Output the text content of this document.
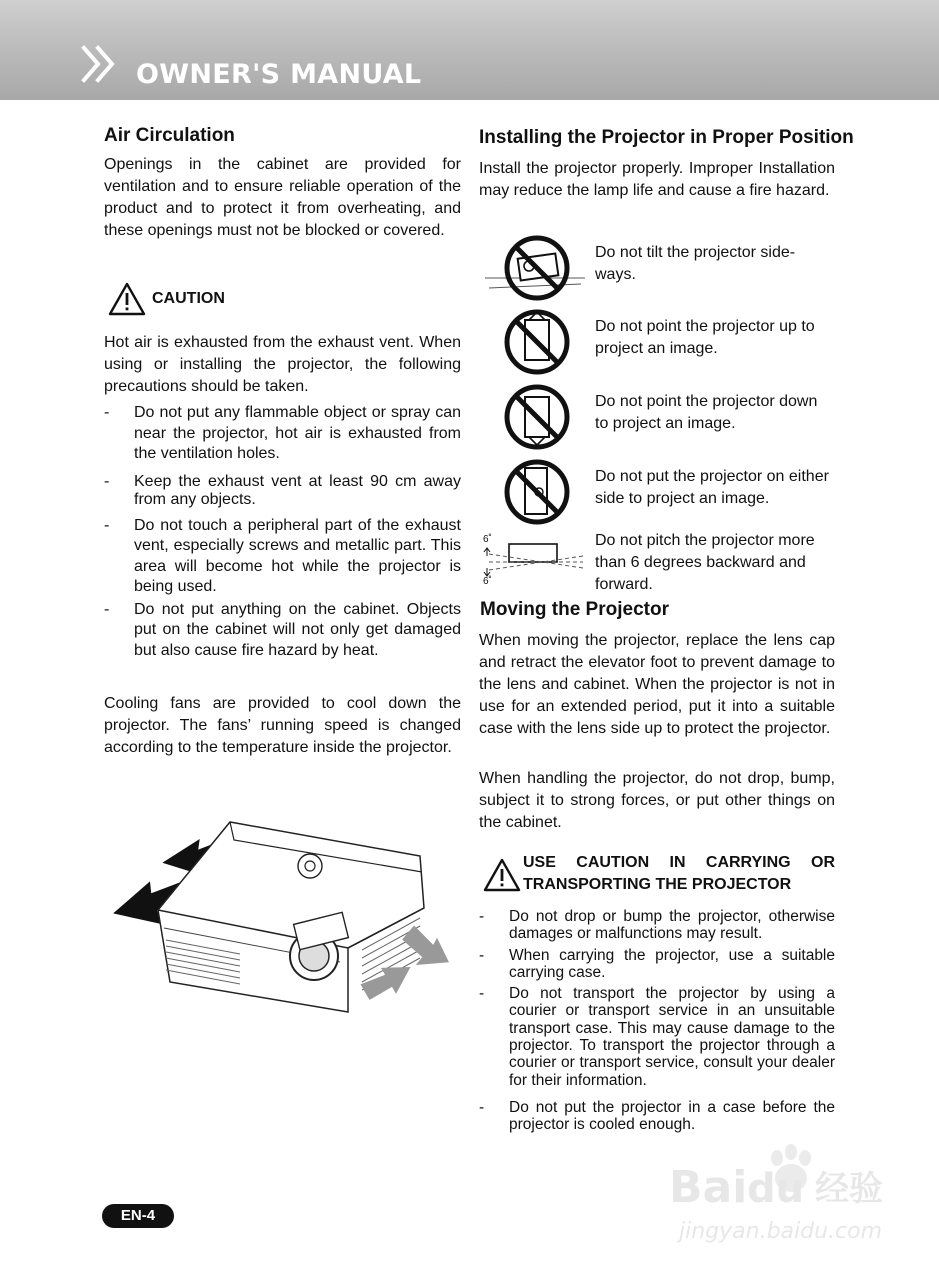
OWNER'S MANUAL
Air Circulation

Openings in the cabinet are provided for ventilation and to ensure reliable operation of the product and to protect it from overheating, and these openings must not be blocked or covered.

CAUTION

Hot air is exhausted from the exhaust vent. When using or installing the projector, the following precautions should be taken.

- Do not put any flammable object or spray can near the projector, hot air is exhausted from the ventilation holes.
- Keep the exhaust vent at least 90 cm away from any objects.
- Do not touch a peripheral part of the exhaust vent, especially screws and metallic part. This area will become hot while the projector is being used.
- Do not put anything on the cabinet. Objects put on the cabinet will not only get damaged but also cause fire hazard by heat.

Cooling fans are provided to cool down the projector. The fans’ running speed is changed according to the temperature inside the projector.

Installing the Projector in Proper Position

Install the projector properly. Improper Installation may reduce the lamp life and cause a fire hazard.

Do not tilt the projector side-ways.
Do not point the projector up to project an image.
Do not point the projector down to project an image.
Do not put the projector on either side to project an image.
6˚
6˚
Do not pitch the projector more than 6 degrees backward and forward.
Moving the Projector

When moving the projector, replace the lens cap and retract the elevator foot to prevent damage to the lens and cabinet. When the projector is not in use for an extended period, put it into a suitable case with the lens side up to protect the projector.

When handling the projector, do not drop, bump, subject it to strong forces, or put other things on the cabinet.

USE CAUTION IN CARRYING OR
TRANSPORTING THE PROJECTOR
- Do not drop or bump the projector, otherwise damages or malfunctions may result.
- When carrying the projector, use a suitable carrying case.
- Do not transport the projector by using a courier or transport service in an unsuitable transport case. This may cause damage to the projector. To transport the projector through a courier or transport service, consult your dealer for their information.
- Do not put the projector in a case before the projector is cooled enough.
EN-4
Bai du 经验
jingyan.baidu.com
